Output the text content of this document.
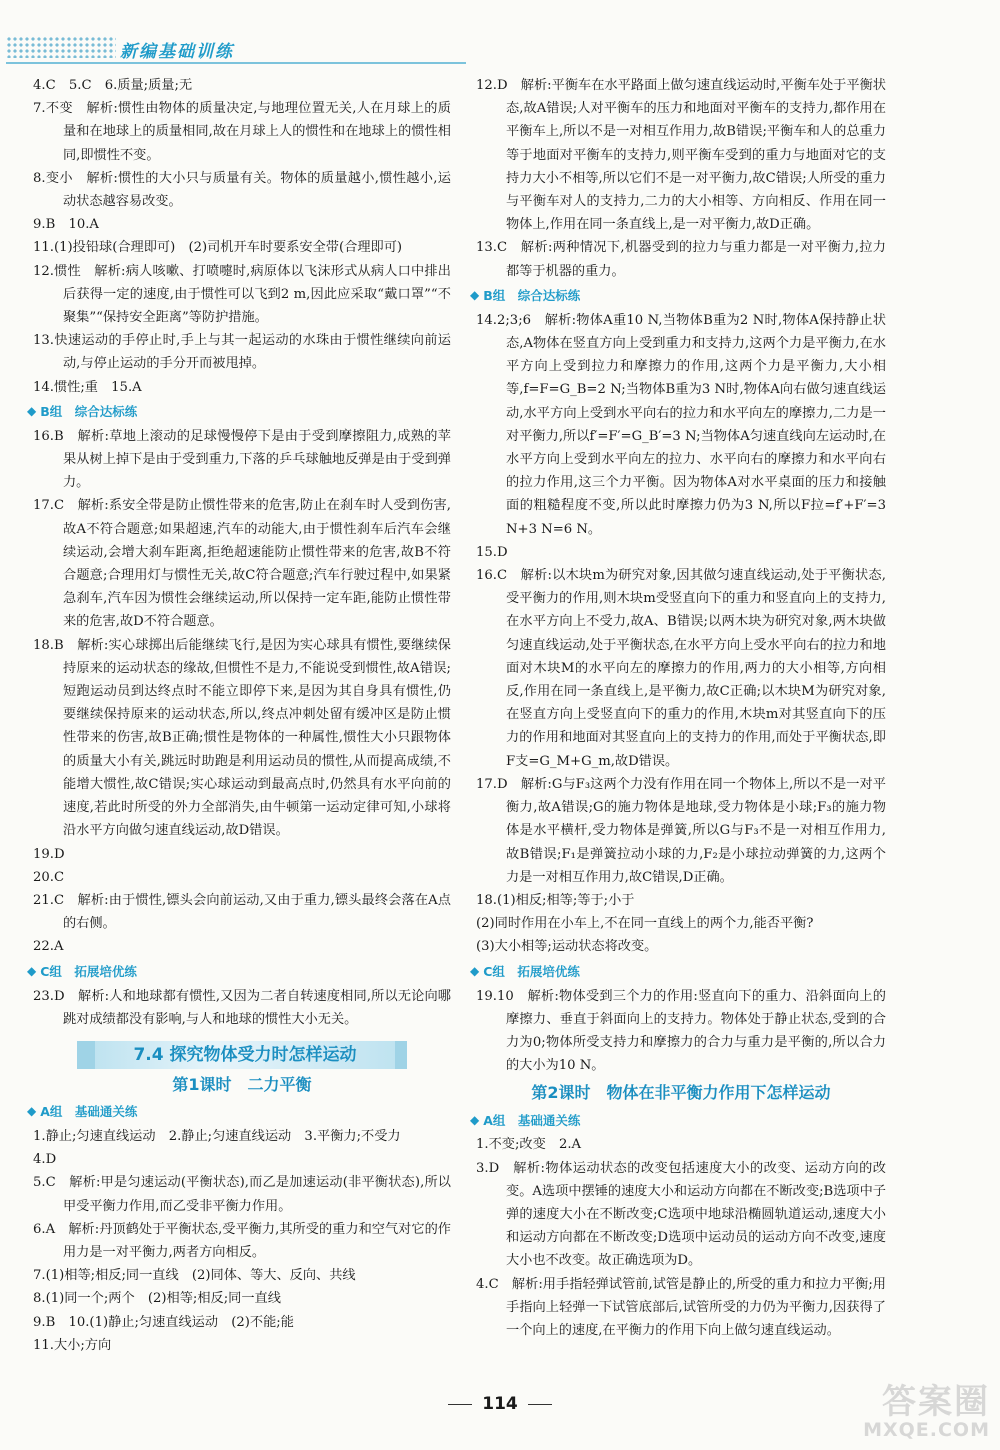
新编基础训练

4.C　5.C　6.质量;质量;无

7.不变　解析:惯性由物体的质量决定,与地理位置无关,人在月球上的质量和在地球上的质量相同,故在月球上人的惯性和在地球上的惯性相同,即惯性不变。

8.变小　解析:惯性的大小只与质量有关。物体的质量越小,惯性越小,运动状态越容易改变。

9.B　10.A

11.(1)投铅球(合理即可)　(2)司机开车时要系安全带(合理即可)

12.惯性　解析:病人咳嗽、打喷嚏时,病原体以飞沫形式从病人口中排出后获得一定的速度,由于惯性可以飞到2 m,因此应采取“戴口罩”“不聚集”“保持安全距离”等防护措施。

13.快速运动的手停止时,手上与其一起运动的水珠由于惯性继续向前运动,与停止运动的手分开而被甩掉。

14.惯性;重　15.A

◆ B组　综合达标练

16.B　解析:草地上滚动的足球慢慢停下是由于受到摩擦阻力,成熟的苹果从树上掉下是由于受到重力,下落的乒乓球触地反弹是由于受到弹力。

17.C　解析:系安全带是防止惯性带来的危害,防止在刹车时人受到伤害,故A不符合题意;如果超速,汽车的动能大,由于惯性刹车后汽车会继续运动,会增大刹车距离,拒绝超速能防止惯性带来的危害,故B不符合题意;合理用灯与惯性无关,故C符合题意;汽车行驶过程中,如果紧急刹车,汽车因为惯性会继续运动,所以保持一定车距,能防止惯性带来的危害,故D不符合题意。

18.B　解析:实心球掷出后能继续飞行,是因为实心球具有惯性,要继续保持原来的运动状态的缘故,但惯性不是力,不能说受到惯性,故A错误;短跑运动员到达终点时不能立即停下来,是因为其自身具有惯性,仍要继续保持原来的运动状态,所以,终点冲刺处留有缓冲区是防止惯性带来的伤害,故B正确;惯性是物体的一种属性,惯性大小只跟物体的质量大小有关,跳远时助跑是利用运动员的惯性,从而提高成绩,不能增大惯性,故C错误;实心球运动到最高点时,仍然具有水平向前的速度,若此时所受的外力全部消失,由牛顿第一运动定律可知,小球将沿水平方向做匀速直线运动,故D错误。

19.D

20.C

21.C　解析:由于惯性,镖头会向前运动,又由于重力,镖头最终会落在A点的右侧。

22.A

◆ C组　拓展培优练

23.D　解析:人和地球都有惯性,又因为二者自转速度相同,所以无论向哪跳对成绩都没有影响,与人和地球的惯性大小无关。

7.4 探究物体受力时怎样运动
第1课时　二力平衡
◆ A组　基础通关练

1.静止;匀速直线运动　2.静止;匀速直线运动　3.平衡力;不受力

4.D

5.C　解析:甲是匀速运动(平衡状态),而乙是加速运动(非平衡状态),所以甲受平衡力作用,而乙受非平衡力作用。

6.A　解析:丹顶鹤处于平衡状态,受平衡力,其所受的重力和空气对它的作用力是一对平衡力,两者方向相反。

7.(1)相等;相反;同一直线　(2)同体、等大、反向、共线

8.(1)同一个;两个　(2)相等;相反;同一直线

9.B　10.(1)静止;匀速直线运动　(2)不能;能

11.大小;方向

12.D　解析:平衡车在水平路面上做匀速直线运动时,平衡车处于平衡状态,故A错误;人对平衡车的压力和地面对平衡车的支持力,都作用在平衡车上,所以不是一对相互作用力,故B错误;平衡车和人的总重力等于地面对平衡车的支持力,则平衡车受到的重力与地面对它的支持力大小不相等,所以它们不是一对平衡力,故C错误;人所受的重力与平衡车对人的支持力,二力的大小相等、方向相反、作用在同一物体上,作用在同一条直线上,是一对平衡力,故D正确。

13.C　解析:两种情况下,机器受到的拉力与重力都是一对平衡力,拉力都等于机器的重力。

◆ B组　综合达标练

14.2;3;6　解析:物体A重10 N,当物体B重为2 N时,物体A保持静止状态,A物体在竖直方向上受到重力和支持力,这两个力是平衡力,在水平方向上受到拉力和摩擦力的作用,这两个力是平衡力,大小相等,f=F=G_B=2 N;当物体B重为3 N时,物体A向右做匀速直线运动,水平方向上受到水平向右的拉力和水平向左的摩擦力,二力是一对平衡力,所以f′=F′=G_B′=3 N;当物体A匀速直线向左运动时,在水平方向上受到水平向左的拉力、水平向右的摩擦力和水平向右的拉力作用,这三个力平衡。因为物体A对水平桌面的压力和接触面的粗糙程度不变,所以此时摩擦力仍为3 N,所以F拉=f′+F′=3 N+3 N=6 N。

15.D

16.C　解析:以木块m为研究对象,因其做匀速直线运动,处于平衡状态,受平衡力的作用,则木块m受竖直向下的重力和竖直向上的支持力,在水平方向上不受力,故A、B错误;以两木块为研究对象,两木块做匀速直线运动,处于平衡状态,在水平方向上受水平向右的拉力和地面对木块M的水平向左的摩擦力的作用,两力的大小相等,方向相反,作用在同一条直线上,是平衡力,故C正确;以木块M为研究对象,在竖直方向上受竖直向下的重力的作用,木块m对其竖直向下的压力的作用和地面对其竖直向上的支持力的作用,而处于平衡状态,即F支=G_M+G_m,故D错误。

17.D　解析:G与F₃这两个力没有作用在同一个物体上,所以不是一对平衡力,故A错误;G的施力物体是地球,受力物体是小球;F₃的施力物体是水平横杆,受力物体是弹簧,所以G与F₃不是一对相互作用力,故B错误;F₁是弹簧拉动小球的力,F₂是小球拉动弹簧的力,这两个力是一对相互作用力,故C错误,D正确。

18.(1)相反;相等;等于;小于

(2)同时作用在小车上,不在同一直线上的两个力,能否平衡?

(3)大小相等;运动状态将改变。

◆ C组　拓展培优练

19.10　解析:物体受到三个力的作用:竖直向下的重力、沿斜面向上的摩擦力、垂直于斜面向上的支持力。物体处于静止状态,受到的合力为0;物体所受支持力和摩擦力的合力与重力是平衡的,所以合力的大小为10 N。

第2课时　物体在非平衡力作用下怎样运动
◆ A组　基础通关练

1.不变;改变　2.A

3.D　解析:物体运动状态的改变包括速度大小的改变、运动方向的改变。A选项中摆锤的速度大小和运动方向都在不断改变;B选项中子弹的速度大小在不断改变;C选项中地球沿椭圆轨道运动,速度大小和运动方向都在不断改变;D选项中运动员的运动方向不改变,速度大小也不改变。故正确选项为D。

4.C　解析:用手指轻弹试管前,试管是静止的,所受的重力和拉力平衡;用手指向上轻弹一下试管底部后,试管所受的力仍为平衡力,因获得了一个向上的速度,在平衡力的作用下向上做匀速直线运动。

114	答案圈
MXQE.COM
